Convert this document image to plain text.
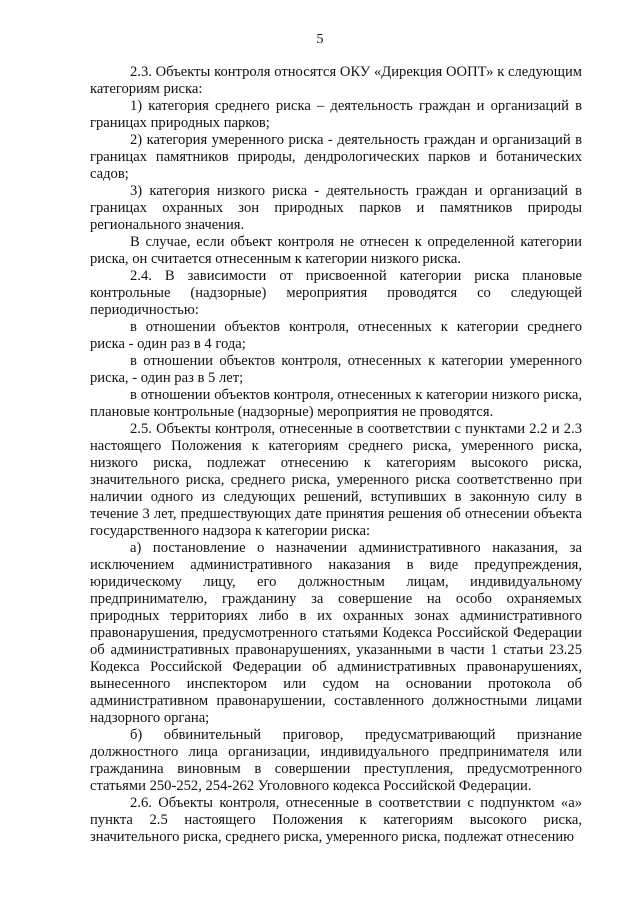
5

2.3. Объекты контроля относятся ОКУ «Дирекция ООПТ» к следующим категориям риска:

1) категория среднего риска – деятельность граждан и организаций в границах природных парков;

2) категория умеренного риска - деятельность граждан и организаций в границах памятников природы, дендрологических парков и ботанических садов;

3) категория низкого риска - деятельность граждан и организаций в границах охранных зон природных парков и памятников природы регионального значения.

В случае, если объект контроля не отнесен к определенной категории риска, он считается отнесенным к категории низкого риска.

2.4. В зависимости от присвоенной категории риска плановые контрольные (надзорные) мероприятия проводятся со следующей периодичностью:

в отношении объектов контроля, отнесенных к категории среднего риска - один раз в 4 года;

в отношении объектов контроля, отнесенных к категории умеренного риска, - один раз в 5 лет;

в отношении объектов контроля, отнесенных к категории низкого риска, плановые контрольные (надзорные) мероприятия не проводятся.

2.5. Объекты контроля, отнесенные в соответствии с пунктами 2.2 и 2.3 настоящего Положения к категориям среднего риска, умеренного риска, низкого риска, подлежат отнесению к категориям высокого риска, значительного риска, среднего риска, умеренного риска соответственно при наличии одного из следующих решений, вступивших в законную силу в течение 3 лет, предшествующих дате принятия решения об отнесении объекта государственного надзора к категории риска:

а) постановление о назначении административного наказания, за исключением административного наказания в виде предупреждения, юридическому лицу, его должностным лицам, индивидуальному предпринимателю, гражданину за совершение на особо охраняемых природных территориях либо в их охранных зонах административного правонарушения, предусмотренного статьями Кодекса Российской Федерации об административных правонарушениях, указанными в части 1 статьи 23.25 Кодекса Российской Федерации об административных правонарушениях, вынесенного инспектором или судом на основании протокола об административном правонарушении, составленного должностными лицами надзорного органа;

б) обвинительный приговор, предусматривающий признание должностного лица организации, индивидуального предпринимателя или гражданина виновным в совершении преступления, предусмотренного статьями 250-252, 254-262 Уголовного кодекса Российской Федерации.

2.6. Объекты контроля, отнесенные в соответствии с подпунктом «а» пункта 2.5 настоящего Положения к категориям высокого риска, значительного риска, среднего риска, умеренного риска, подлежат отнесению
